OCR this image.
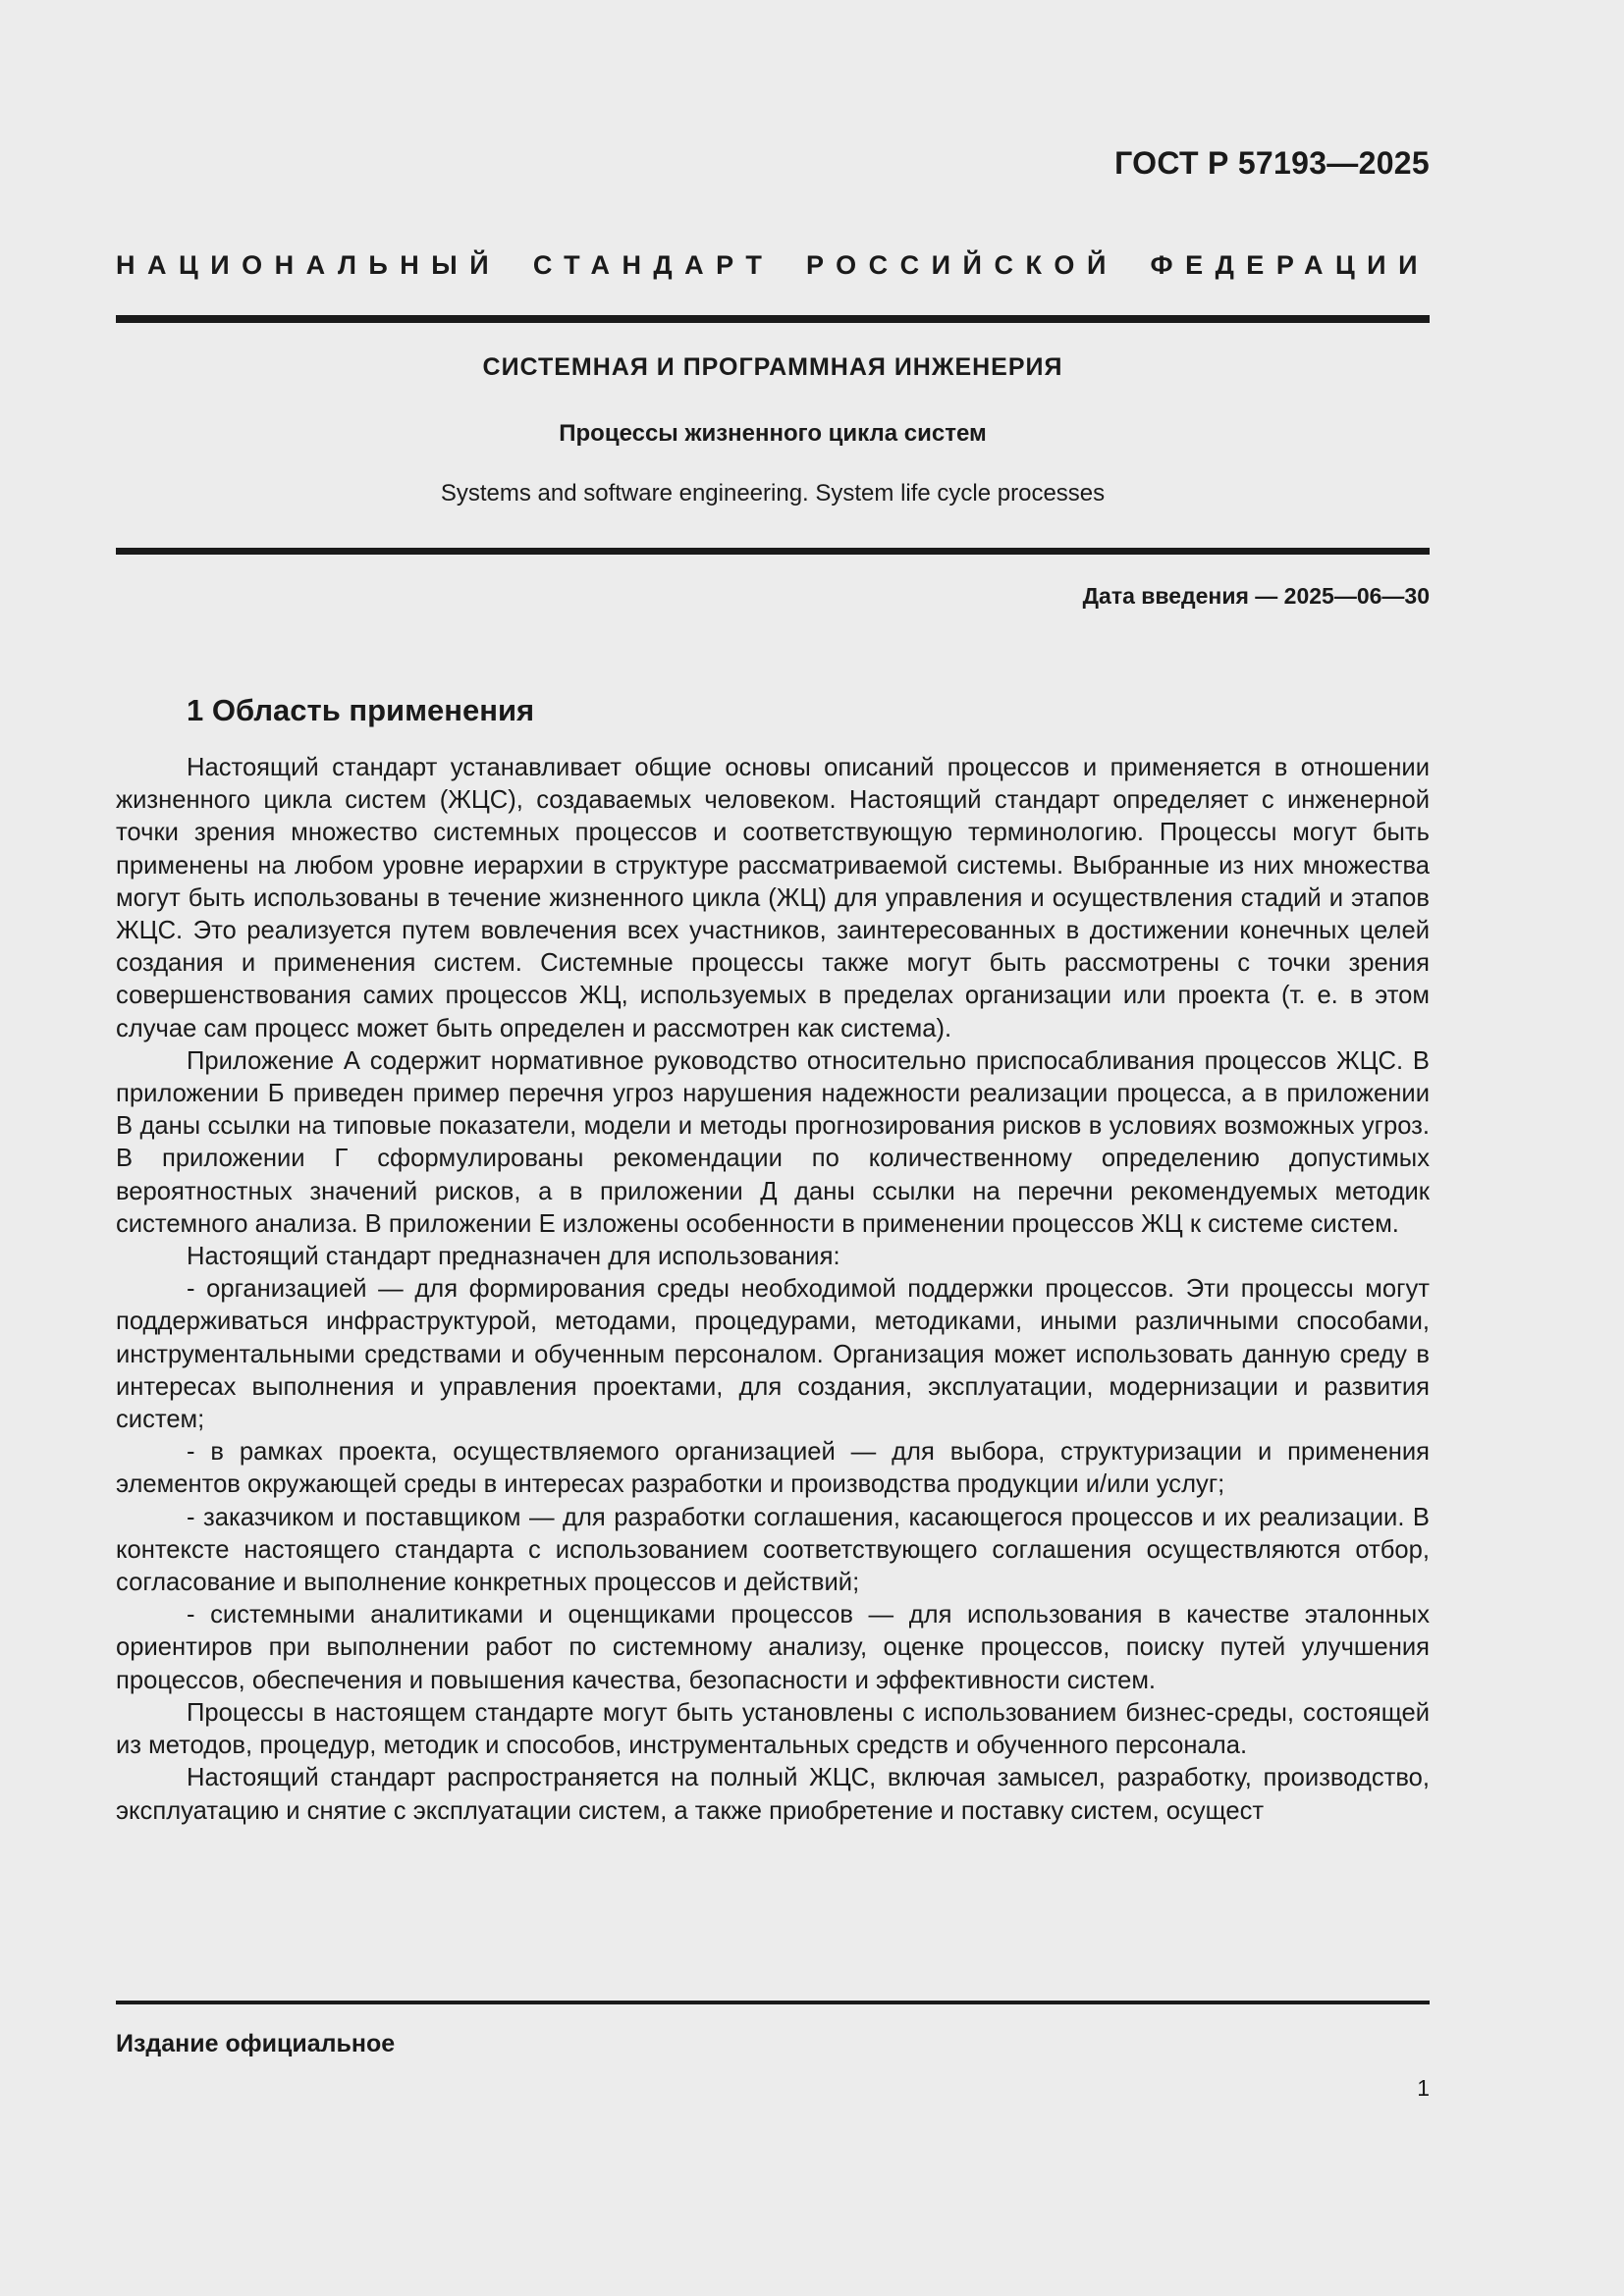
ГОСТ Р 57193—2025
НАЦИОНАЛЬНЫЙ СТАНДАРТ РОССИЙСКОЙ ФЕДЕРАЦИИ
СИСТЕМНАЯ И ПРОГРАММНАЯ ИНЖЕНЕРИЯ
Процессы жизненного цикла систем
Systems and software engineering. System life cycle processes
Дата введения — 2025—06—30
1 Область применения

Настоящий стандарт устанавливает общие основы описаний процессов и применяется в отношении жизненного цикла систем (ЖЦС), создаваемых человеком. Настоящий стандарт определяет с инженерной точки зрения множество системных процессов и соответствующую терминологию. Процессы могут быть применены на любом уровне иерархии в структуре рассматриваемой системы. Выбранные из них множества могут быть использованы в течение жизненного цикла (ЖЦ) для управления и осуществления стадий и этапов ЖЦС. Это реализуется путем вовлечения всех участников, заинтересованных в достижении конечных целей создания и применения систем. Системные процессы также могут быть рассмотрены с точки зрения совершенствования самих процессов ЖЦ, используемых в пределах организации или проекта (т. е. в этом случае сам процесс может быть определен и рассмотрен как система).

Приложение А содержит нормативное руководство относительно приспосабливания процессов ЖЦС. В приложении Б приведен пример перечня угроз нарушения надежности реализации процесса, а в приложении В даны ссылки на типовые показатели, модели и методы прогнозирования рисков в условиях возможных угроз. В приложении Г сформулированы рекомендации по количественному определению допустимых вероятностных значений рисков, а в приложении Д даны ссылки на перечни рекомендуемых методик системного анализа. В приложении Е изложены особенности в применении процессов ЖЦ к системе систем.

Настоящий стандарт предназначен для использования:

- организацией — для формирования среды необходимой поддержки процессов. Эти процессы могут поддерживаться инфраструктурой, методами, процедурами, методиками, иными различными способами, инструментальными средствами и обученным персоналом. Организация может использовать данную среду в интересах выполнения и управления проектами, для создания, эксплуатации, модернизации и развития систем;

- в рамках проекта, осуществляемого организацией — для выбора, структуризации и применения элементов окружающей среды в интересах разработки и производства продукции и/или услуг;

- заказчиком и поставщиком — для разработки соглашения, касающегося процессов и их реализации. В контексте настоящего стандарта с использованием соответствующего соглашения осуществляются отбор, согласование и выполнение конкретных процессов и действий;

- системными аналитиками и оценщиками процессов — для использования в качестве эталонных ориентиров при выполнении работ по системному анализу, оценке процессов, поиску путей улучшения процессов, обеспечения и повышения качества, безопасности и эффективности систем.

Процессы в настоящем стандарте могут быть установлены с использованием бизнес-среды, состоящей из методов, процедур, методик и способов, инструментальных средств и обученного персонала.

Настоящий стандарт распространяется на полный ЖЦС, включая замысел, разработку, производство, эксплуатацию и снятие с эксплуатации систем, а также приобретение и поставку систем, осущест

Издание официальное
1
